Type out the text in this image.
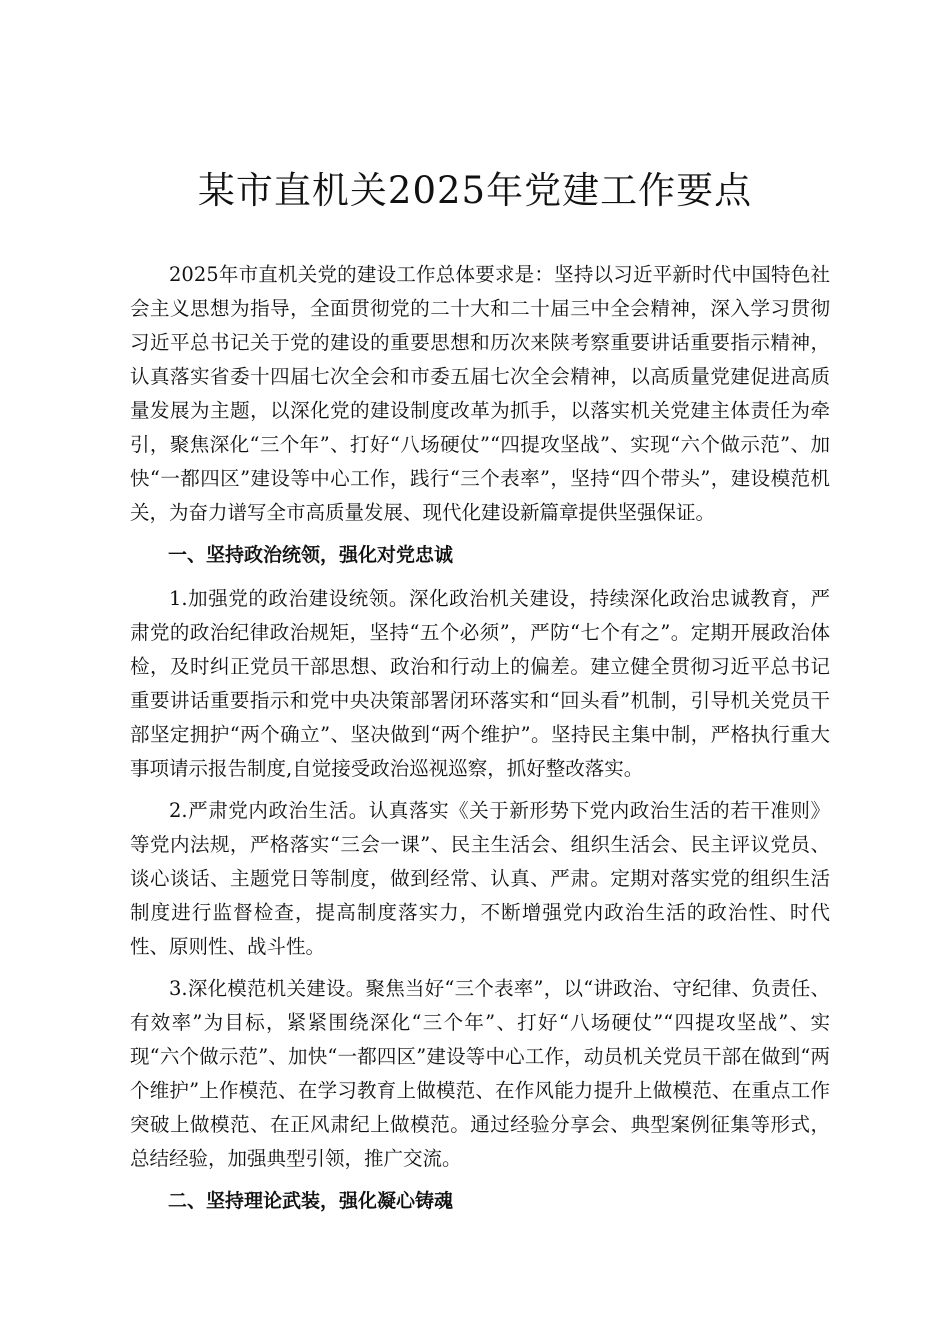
某市直机关2025年党建工作要点

2025年市直机关党的建设工作总体要求是：坚持以习近平新时代中国特色社会主义思想为指导，全面贯彻党的二十大和二十届三中全会精神，深入学习贯彻习近平总书记关于党的建设的重要思想和历次来陕考察重要讲话重要指示精神，认真落实省委十四届七次全会和市委五届七次全会精神，以高质量党建促进高质量发展为主题，以深化党的建设制度改革为抓手，以落实机关党建主体责任为牵引，聚焦深化“三个年”、打好“八场硬仗”“四提攻坚战”、实现“六个做示范”、加快“一都四区”建设等中心工作，践行“三个表率”，坚持“四个带头”，建设模范机关，为奋力谱写全市高质量发展、现代化建设新篇章提供坚强保证。

一、坚持政治统领，强化对党忠诚

1.加强党的政治建设统领。深化政治机关建设，持续深化政治忠诚教育，严肃党的政治纪律政治规矩，坚持“五个必须”，严防“七个有之”。定期开展政治体检，及时纠正党员干部思想、政治和行动上的偏差。建立健全贯彻习近平总书记重要讲话重要指示和党中央决策部署闭环落实和“回头看”机制，引导机关党员干部坚定拥护“两个确立”、坚决做到“两个维护”。坚持民主集中制，严格执行重大事项请示报告制度,自觉接受政治巡视巡察，抓好整改落实。

2.严肃党内政治生活。认真落实《关于新形势下党内政治生活的若干准则》等党内法规，严格落实“三会一课”、民主生活会、组织生活会、民主评议党员、谈心谈话、主题党日等制度，做到经常、认真、严肃。定期对落实党的组织生活制度进行监督检查，提高制度落实力，不断增强党内政治生活的政治性、时代性、原则性、战斗性。

3.深化模范机关建设。聚焦当好“三个表率”，以“讲政治、守纪律、负责任、有效率”为目标，紧紧围绕深化“三个年”、打好“八场硬仗”“四提攻坚战”、实现“六个做示范”、加快“一都四区”建设等中心工作，动员机关党员干部在做到“两个维护”上作模范、在学习教育上做模范、在作风能力提升上做模范、在重点工作突破上做模范、在正风肃纪上做模范。通过经验分享会、典型案例征集等形式，总结经验，加强典型引领，推广交流。

二、坚持理论武装，强化凝心铸魂
